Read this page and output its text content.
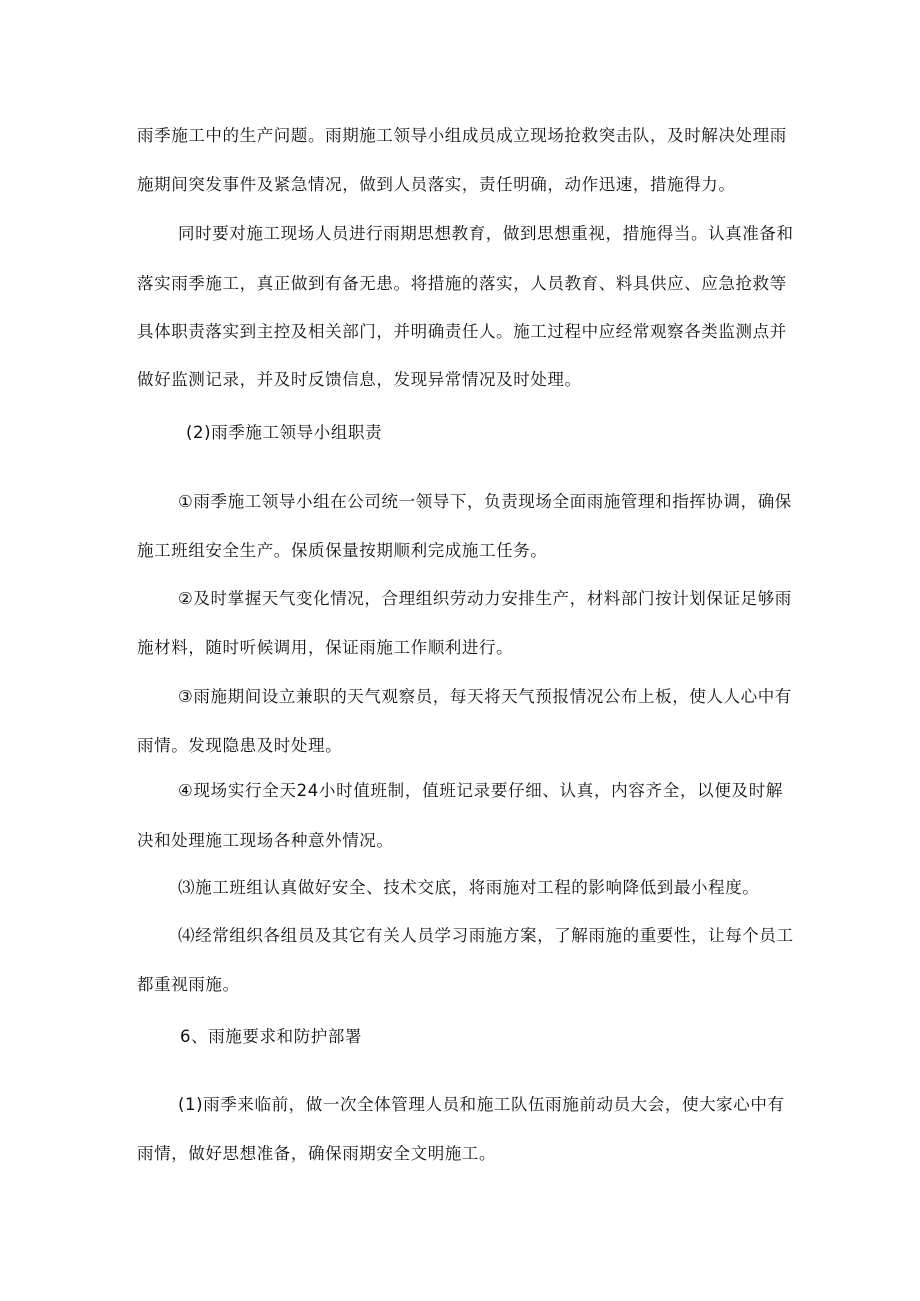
雨季施工中的生产问题。雨期施工领导小组成员成立现场抢救突击队，及时解决处理雨
施期间突发事件及紧急情况，做到人员落实，责任明确，动作迅速，措施得力。
同时要对施工现场人员进行雨期思想教育，做到思想重视，措施得当。认真准备和
落实雨季施工，真正做到有备无患。将措施的落实，人员教育、料具供应、应急抢救等
具体职责落实到主控及相关部门，并明确责任人。施工过程中应经常观察各类监测点并
做好监测记录，并及时反馈信息，发现异常情况及时处理。
(2)雨季施工领导小组职责
①雨季施工领导小组在公司统一领导下，负责现场全面雨施管理和指挥协调，确保
施工班组安全生产。保质保量按期顺利完成施工任务。
②及时掌握天气变化情况，合理组织劳动力安排生产，材料部门按计划保证足够雨
施材料，随时听候调用，保证雨施工作顺利进行。
③雨施期间设立兼职的天气观察员，每天将天气预报情况公布上板，使人人心中有
雨情。发现隐患及时处理。
④现场实行全天24小时值班制，值班记录要仔细、认真，内容齐全，以便及时解
决和处理施工现场各种意外情况。
⑶施工班组认真做好安全、技术交底，将雨施对工程的影响降低到最小程度。
⑷经常组织各组员及其它有关人员学习雨施方案，了解雨施的重要性，让每个员工
都重视雨施。
6、雨施要求和防护部署
(1)雨季来临前，做一次全体管理人员和施工队伍雨施前动员大会，使大家心中有
雨情，做好思想准备，确保雨期安全文明施工。
